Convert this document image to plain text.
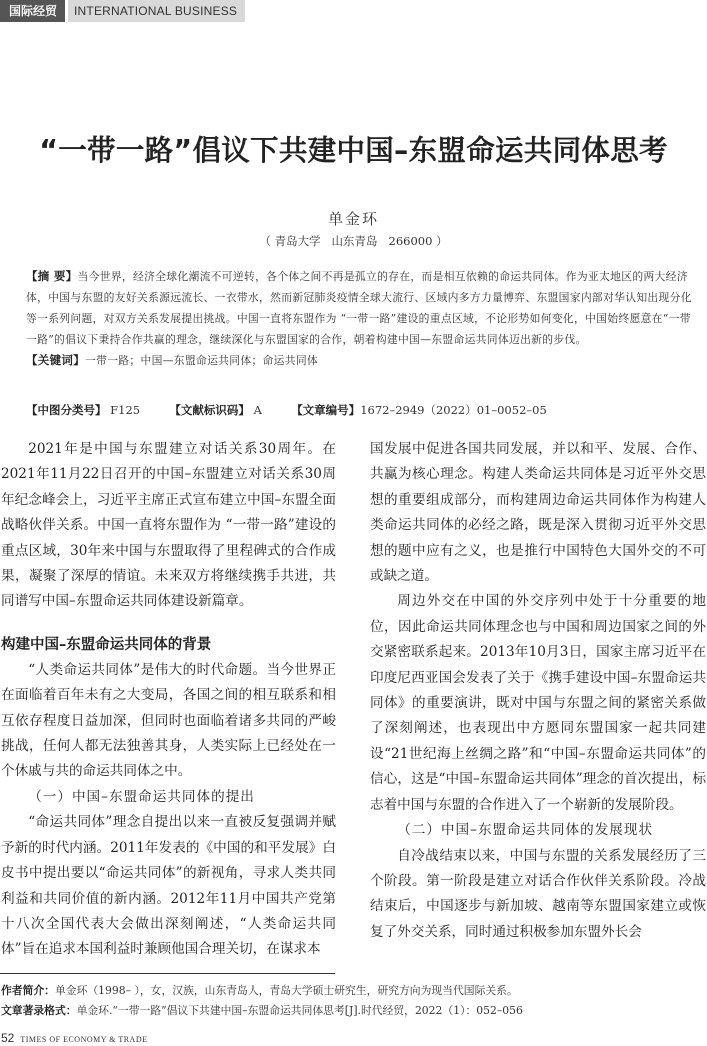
国际经贸	INTERNATIONAL BUSINESS
“一带一路”倡议下共建中国–东盟命运共同体思考
单金环
（ 青岛大学   山东青岛   266000 ）
【摘 要】当今世界，经济全球化潮流不可逆转，各个体之间不再是孤立的存在，而是相互依赖的命运共同体。作为亚太地区的两大经济体，中国与东盟的友好关系源远流长、一衣带水，然而新冠肺炎疫情全球大流行、区域内多方力量博弈、东盟国家内部对华认知出现分化等一系列问题，对双方关系发展提出挑战。中国一直将东盟作为 “一带一路”建设的重点区域，不论形势如何变化，中国始终愿意在“一带一路”的倡议下秉持合作共赢的理念，继续深化与东盟国家的合作，朝着构建中国—东盟命运共同体迈出新的步伐。
【关键词】一带一路；中国—东盟命运共同体；命运共同体
【中图分类号】 F125	【文献标识码】 A	【文章编号】1672–2949（2022）01–0052–05

2021年是中国与东盟建立对话关系30周年。在2021年11月22日召开的中国–东盟建立对话关系30周年纪念峰会上，习近平主席正式宣布建立中国–东盟全面战略伙伴关系。中国一直将东盟作为 “一带一路”建设的重点区域，30年来中国与东盟取得了里程碑式的合作成果，凝聚了深厚的情谊。未来双方将继续携手共进，共同谱写中国–东盟命运共同体建设新篇章。

构建中国–东盟命运共同体的背景

“人类命运共同体”是伟大的时代命题。当今世界正在面临着百年未有之大变局，各国之间的相互联系和相互依存程度日益加深，但同时也面临着诸多共同的严峻挑战，任何人都无法独善其身，人类实际上已经处在一个休戚与共的命运共同体之中。

（一）中国–东盟命运共同体的提出

“命运共同体”理念自提出以来一直被反复强调并赋予新的时代内涵。2011年发表的《中国的和平发展》白皮书中提出要以“命运共同体”的新视角，寻求人类共同利益和共同价值的新内涵。2012年11月中国共产党第十八次全国代表大会做出深刻阐述，“人类命运共同体”旨在追求本国利益时兼顾他国合理关切，在谋求本

国发展中促进各国共同发展，并以和平、发展、合作、共赢为核心理念。构建人类命运共同体是习近平外交思想的重要组成部分，而构建周边命运共同体作为构建人类命运共同体的必经之路，既是深入贯彻习近平外交思想的题中应有之义，也是推行中国特色大国外交的不可或缺之道。

周边外交在中国的外交序列中处于十分重要的地位，因此命运共同体理念也与中国和周边国家之间的外交紧密联系起来。2013年10月3日，国家主席习近平在印度尼西亚国会发表了关于《携手建设中国–东盟命运共同体》的重要演讲，既对中国与东盟之间的紧密关系做了深刻阐述，也表现出中方愿同东盟国家一起共同建设“21世纪海上丝绸之路”和“中国–东盟命运共同体”的信心，这是“中国–东盟命运共同体”理念的首次提出，标志着中国与东盟的合作进入了一个崭新的发展阶段。

（二）中国–东盟命运共同体的发展现状

自冷战结束以来，中国与东盟的关系发展经历了三个阶段。第一阶段是建立对话合作伙伴关系阶段。冷战结束后，中国逐步与新加坡、越南等东盟国家建立或恢复了外交关系，同时通过积极参加东盟外长会

作者简介：单金环（1998– ），女，汉族，山东青岛人，青岛大学硕士研究生，研究方向为现当代国际关系。
文章著录格式：单金环.“一带一路”倡议下共建中国–东盟命运共同体思考[J].时代经贸，2022（1）：052–056
52 TIMES OF ECONOMY & TRADE
